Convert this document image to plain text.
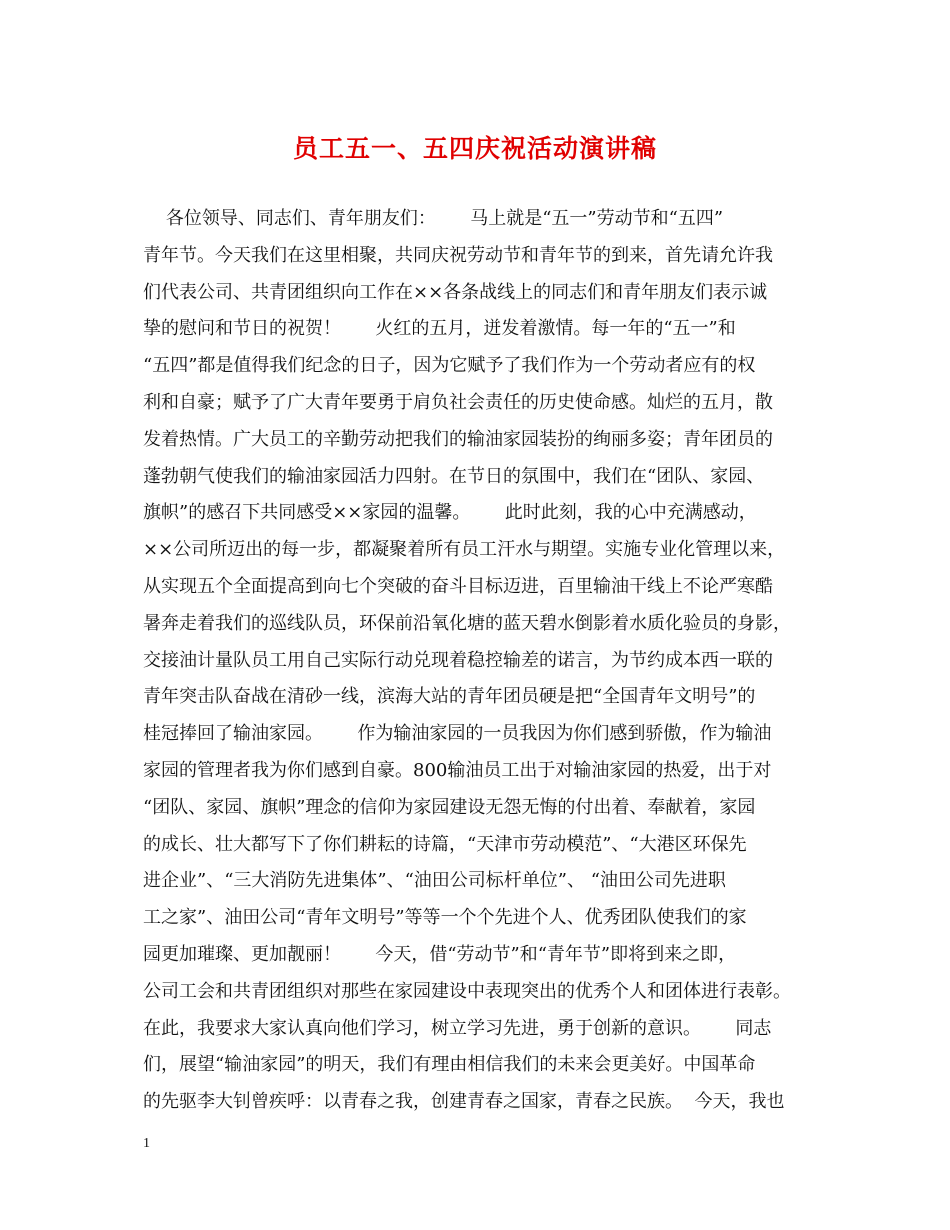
员工五一、五四庆祝活动演讲稿
各位领导、同志们、青年朋友们：      马上就是“五一”劳动节和“五四”
青年节。今天我们在这里相聚，共同庆祝劳动节和青年节的到来，首先请允许我
们代表公司、共青团组织向工作在××各条战线上的同志们和青年朋友们表示诚
挚的慰问和节日的祝贺！      火红的五月，迸发着激情。每一年的“五一”和
“五四”都是值得我们纪念的日子，因为它赋予了我们作为一个劳动者应有的权
利和自豪；赋予了广大青年要勇于肩负社会责任的历史使命感。灿烂的五月，散
发着热情。广大员工的辛勤劳动把我们的输油家园装扮的绚丽多姿；青年团员的
蓬勃朝气使我们的输油家园活力四射。在节日的氛围中，我们在“团队、家园、
旗帜”的感召下共同感受××家园的温馨。      此时此刻，我的心中充满感动，
××公司所迈出的每一步，都凝聚着所有员工汗水与期望。实施专业化管理以来，
从实现五个全面提高到向七个突破的奋斗目标迈进，百里输油干线上不论严寒酷
暑奔走着我们的巡线队员，环保前沿氧化塘的蓝天碧水倒影着水质化验员的身影，
交接油计量队员工用自己实际行动兑现着稳控输差的诺言，为节约成本西一联的
青年突击队奋战在清砂一线，滨海大站的青年团员硬是把“全国青年文明号”的
桂冠捧回了输油家园。      作为输油家园的一员我因为你们感到骄傲，作为输油
家园的管理者我为你们感到自豪。800输油员工出于对输油家园的热爱，出于对
“团队、家园、旗帜”理念的信仰为家园建设无怨无悔的付出着、奉献着，家园
的成长、壮大都写下了你们耕耘的诗篇，“天津市劳动模范”、“大港区环保先
进企业”、“三大消防先进集体”、“油田公司标杆单位”、 “油田公司先进职
工之家”、油田公司“青年文明号”等等一个个先进个人、优秀团队使我们的家
园更加璀璨、更加靓丽！      今天，借“劳动节”和“青年节”即将到来之即，
公司工会和共青团组织对那些在家园建设中表现突出的优秀个人和团体进行表彰。
在此，我要求大家认真向他们学习，树立学习先进，勇于创新的意识。      同志
们，展望“输油家园”的明天，我们有理由相信我们的未来会更美好。中国革命
的先驱李大钊曾疾呼：以青春之我，创建青春之国家，青春之民族。  今天，我也
1
